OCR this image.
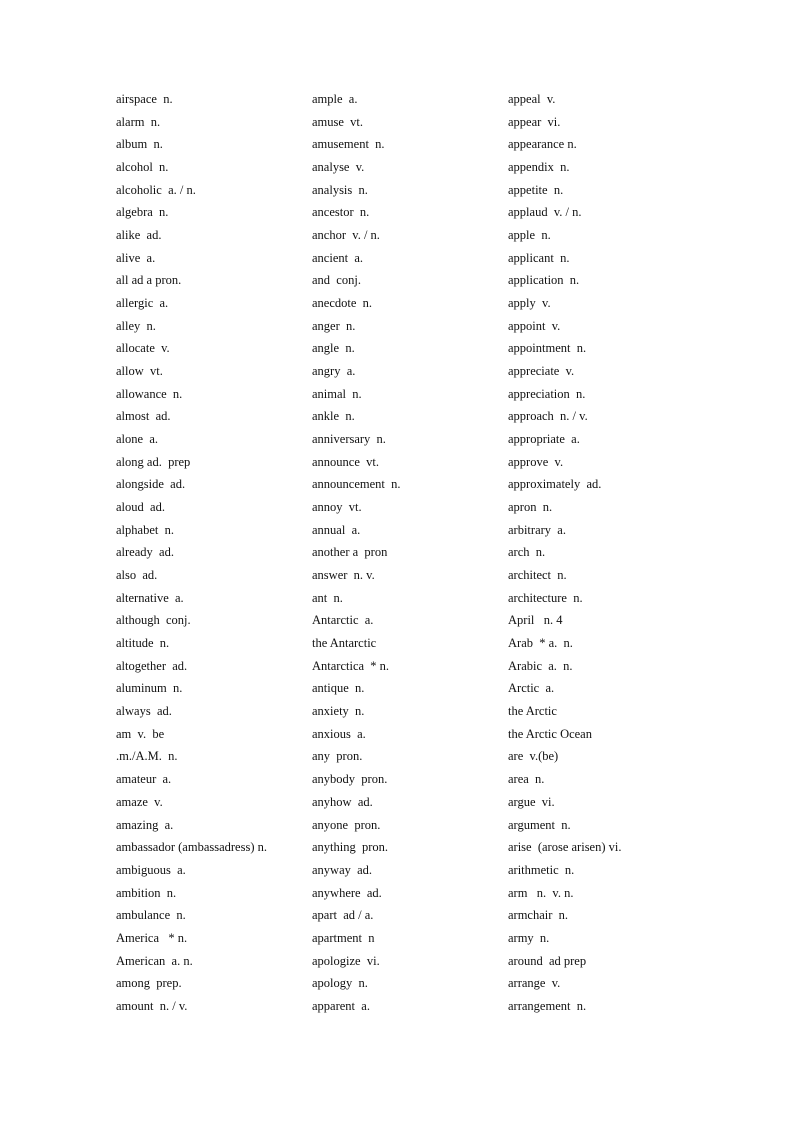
airspace  n.
alarm  n.
album  n.
alcohol  n.
alcoholic  a. / n.
algebra  n.
alike  ad.
alive  a.
all ad a pron.
allergic  a.
alley  n.
allocate  v.
allow  vt.
allowance  n.
almost  ad.
alone  a.
along ad.  prep
alongside  ad.
aloud  ad.
alphabet  n.
already  ad.
also  ad.
alternative  a.
although  conj.
altitude  n.
altogether  ad.
aluminum  n.
always  ad.
am  v.  be
.m./A.M.  n.
amateur  a.
amaze  v.
amazing  a.
ambassador (ambassadress) n.
ambiguous  a.
ambition  n.
ambulance  n.
America   * n.
American  a. n.
among  prep.
amount  n. / v.
ample  a.
amuse  vt.
amusement  n.
analyse  v.
analysis  n.
ancestor  n.
anchor  v. / n.
ancient  a.
and  conj.
anecdote  n.
anger  n.
angle  n.
angry  a.
animal  n.
ankle  n.
anniversary  n.
announce  vt.
announcement  n.
annoy  vt.
annual  a.
another a  pron
answer  n. v.
ant  n.
Antarctic  a.
the Antarctic
Antarctica  * n.
antique  n.
anxiety  n.
anxious  a.
any  pron.
anybody  pron.
anyhow  ad.
anyone  pron.
anything  pron.
anyway  ad.
anywhere  ad.
apart  ad / a.
apartment  n
apologize  vi.
apology  n.
apparent  a.
appeal  v.
appear  vi.
appearance n.
appendix  n.
appetite  n.
applaud  v. / n.
apple  n.
applicant  n.
application  n.
apply  v.
appoint  v.
appointment  n.
appreciate  v.
appreciation  n.
approach  n. / v.
appropriate  a.
approve  v.
approximately  ad.
apron  n.
arbitrary  a.
arch  n.
architect  n.
architecture  n.
April   n. 4
Arab  * a.  n.
Arabic  a.  n.
Arctic  a.
the Arctic
the Arctic Ocean
are  v.(be)
area  n.
argue  vi.
argument  n.
arise  (arose arisen) vi.
arithmetic  n.
arm   n.  v. n.
armchair  n.
army  n.
around  ad prep
arrange  v.
arrangement  n.
